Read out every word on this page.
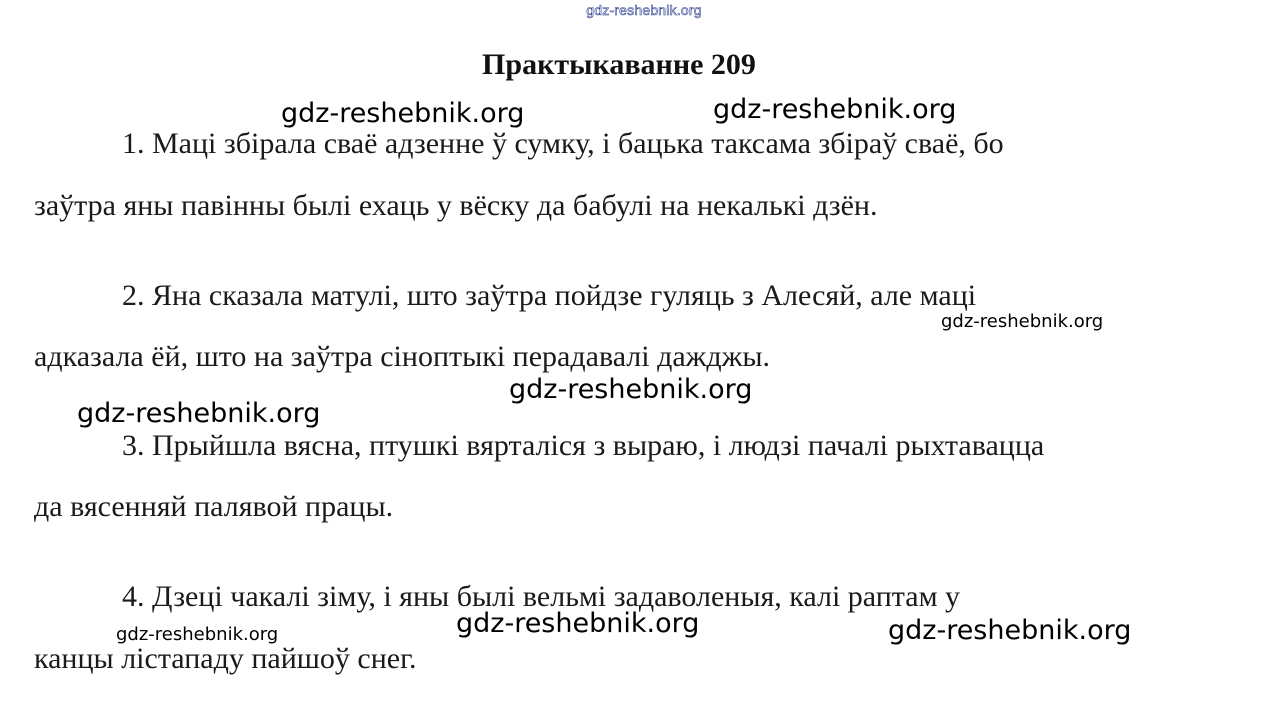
gdz-reshebnik.org
Практыкаванне 209
1. Маці збірала сваё адзенне ў сумку, і бацька таксама збіраў сваё, бо
заўтра яны павінны былі ехаць у вёску да бабулі на некалькі дзён.
2. Яна сказала матулі, што заўтра пойдзе гуляць з Алесяй, але маці
адказала ёй, што на заўтра сіноптыкі перадавалі дажджы.
3. Прыйшла вясна, птушкі вярталіся з выраю, і людзі пачалі рыхтавацца
да вясенняй палявой працы.
4. Дзеці чакалі зіму, і яны былі вельмі задаволеныя, калі раптам у
канцы лістападу пайшоў снег.
gdz-reshebnik.org	gdz-reshebnik.org
gdz-reshebnik.org
gdz-reshebnik.org
gdz-reshebnik.org
gdz-reshebnik.org	gdz-reshebnik.org	gdz-reshebnik.org
